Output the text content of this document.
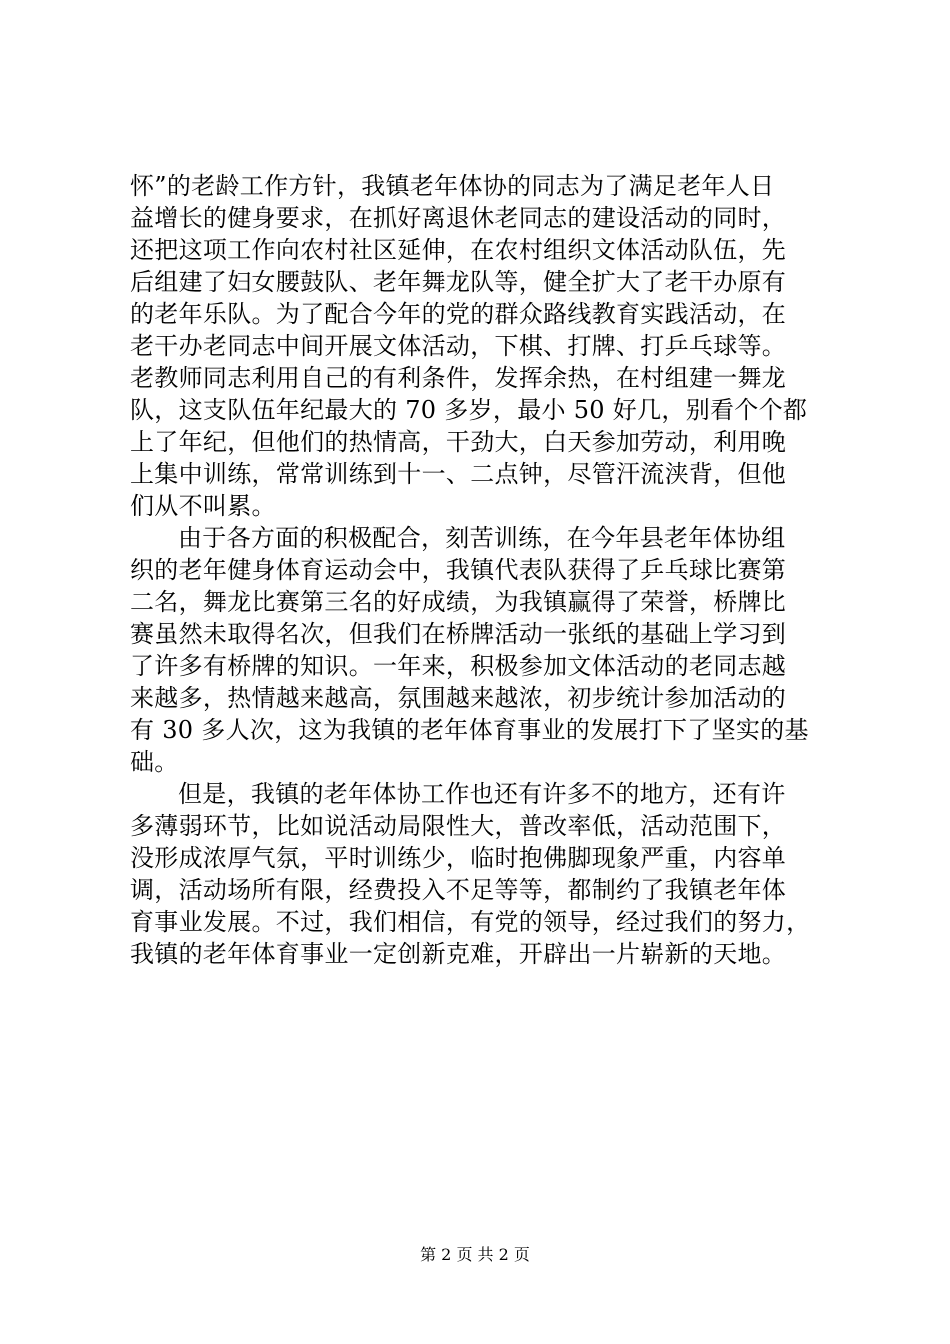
怀”的老龄工作方针，我镇老年体协的同志为了满足老年人日
益增长的健身要求，在抓好离退休老同志的建设活动的同时，
还把这项工作向农村社区延伸，在农村组织文体活动队伍，先
后组建了妇女腰鼓队、老年舞龙队等，健全扩大了老干办原有
的老年乐队。为了配合今年的党的群众路线教育实践活动，在
老干办老同志中间开展文体活动，下棋、打牌、打乒乓球等。
老教师同志利用自己的有利条件，发挥余热，在村组建一舞龙
队，这支队伍年纪最大的 70 多岁，最小 50 好几，别看个个都
上了年纪，但他们的热情高，干劲大，白天参加劳动，利用晚
上集中训练，常常训练到十一、二点钟，尽管汗流浃背，但他
们从不叫累。
由于各方面的积极配合，刻苦训练，在今年县老年体协组
织的老年健身体育运动会中，我镇代表队获得了乒乓球比赛第
二名，舞龙比赛第三名的好成绩，为我镇赢得了荣誉，桥牌比
赛虽然未取得名次，但我们在桥牌活动一张纸的基础上学习到
了许多有桥牌的知识。一年来，积极参加文体活动的老同志越
来越多，热情越来越高，氛围越来越浓，初步统计参加活动的
有 30 多人次，这为我镇的老年体育事业的发展打下了坚实的基
础。
但是，我镇的老年体协工作也还有许多不的地方，还有许
多薄弱环节，比如说活动局限性大，普改率低，活动范围下，
没形成浓厚气氛，平时训练少，临时抱佛脚现象严重，内容单
调，活动场所有限，经费投入不足等等，都制约了我镇老年体
育事业发展。不过，我们相信，有党的领导，经过我们的努力，
我镇的老年体育事业一定创新克难，开辟出一片崭新的天地。
第 2 页 共 2 页
